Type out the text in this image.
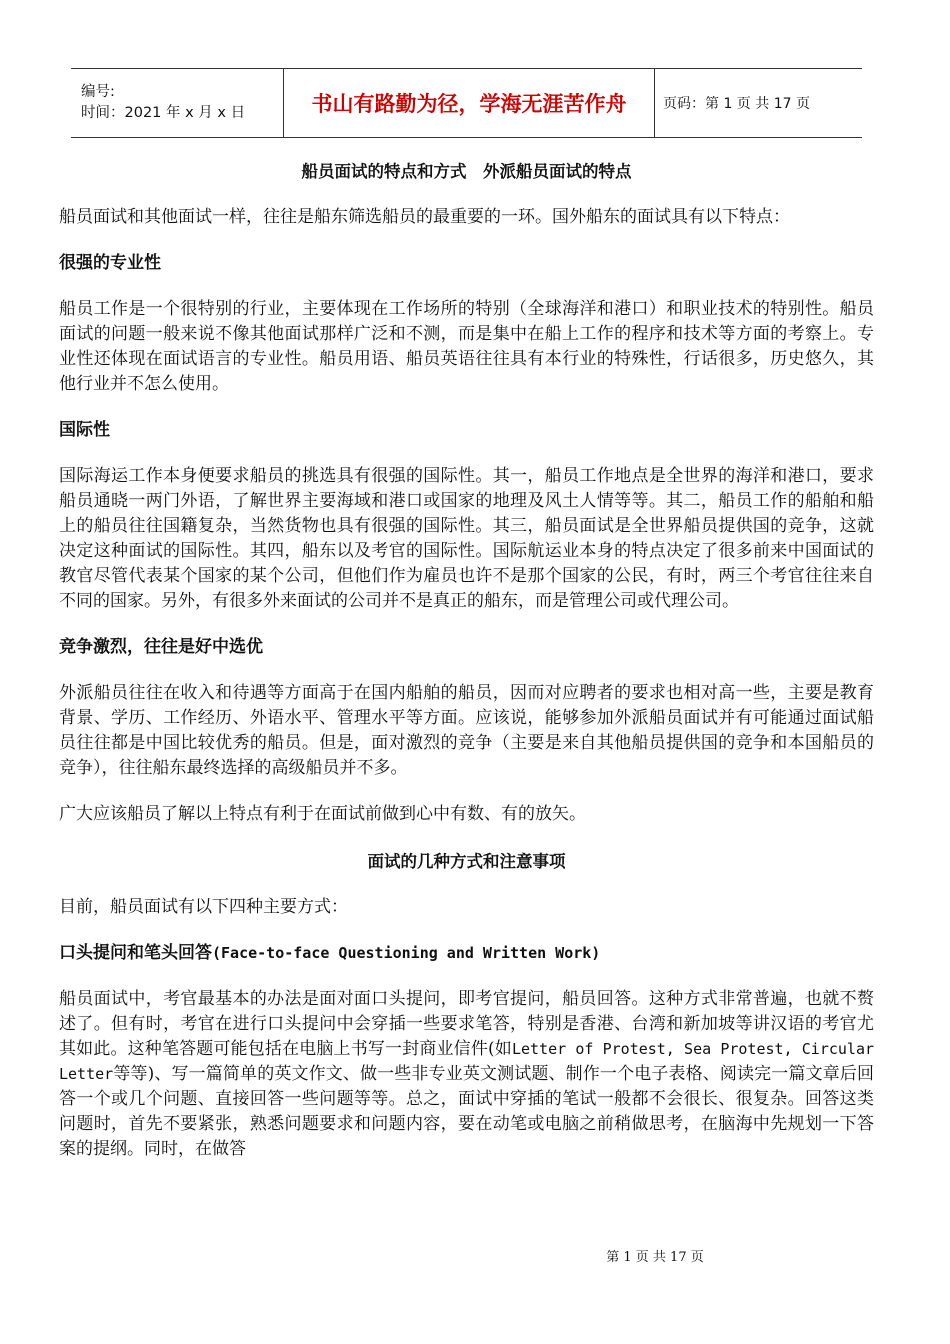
编号:
时间：2021 年 x 月 x 日	书山有路勤为径，学海无涯苦作舟	页码：第 1 页 共 17 页
船员面试的特点和方式　外派船员面试的特点
船员面试和其他面试一样，往往是船东筛选船员的最重要的一环。国外船东的面试具有以下特点：
很强的专业性
船员工作是一个很特别的行业，主要体现在工作场所的特别（全球海洋和港口）和职业技术的特别性。船员面试的问题一般来说不像其他面试那样广泛和不测，而是集中在船上工作的程序和技术等方面的考察上。专业性还体现在面试语言的专业性。船员用语、船员英语往往具有本行业的特殊性，行话很多，历史悠久，其他行业并不怎么使用。
国际性
国际海运工作本身便要求船员的挑选具有很强的国际性。其一，船员工作地点是全世界的海洋和港口，要求船员通晓一两门外语，了解世界主要海域和港口或国家的地理及风土人情等等。其二，船员工作的船舶和船上的船员往往国籍复杂，当然货物也具有很强的国际性。其三，船员面试是全世界船员提供国的竞争，这就决定这种面试的国际性。其四，船东以及考官的国际性。国际航运业本身的特点决定了很多前来中国面试的教官尽管代表某个国家的某个公司，但他们作为雇员也许不是那个国家的公民，有时，两三个考官往往来自不同的国家。另外，有很多外来面试的公司并不是真正的船东，而是管理公司或代理公司。
竞争激烈，往往是好中选优
外派船员往往在收入和待遇等方面高于在国内船舶的船员，因而对应聘者的要求也相对高一些，主要是教育背景、学历、工作经历、外语水平、管理水平等方面。应该说，能够参加外派船员面试并有可能通过面试船员往往都是中国比较优秀的船员。但是，面对激烈的竞争（主要是来自其他船员提供国的竞争和本国船员的竞争），往往船东最终选择的高级船员并不多。
广大应该船员了解以上特点有利于在面试前做到心中有数、有的放矢。
面试的几种方式和注意事项
目前，船员面试有以下四种主要方式：
口头提问和笔头回答(Face-to-face Questioning and Written Work)
船员面试中，考官最基本的办法是面对面口头提问，即考官提问，船员回答。这种方式非常普遍，也就不赘述了。但有时，考官在进行口头提问中会穿插一些要求笔答，特别是香港、台湾和新加坡等讲汉语的考官尤其如此。这种笔答题可能包括在电脑上书写一封商业信件(如Letter of Protest, Sea Protest, Circular Letter等等)、写一篇简单的英文作文、做一些非专业英文测试题、制作一个电子表格、阅读完一篇文章后回答一个或几个问题、直接回答一些问题等等。总之，面试中穿插的笔试一般都不会很长、很复杂。回答这类问题时，首先不要紧张，熟悉问题要求和问题内容，要在动笔或电脑之前稍做思考，在脑海中先规划一下答案的提纲。同时，在做答
第 1 页 共 17 页
